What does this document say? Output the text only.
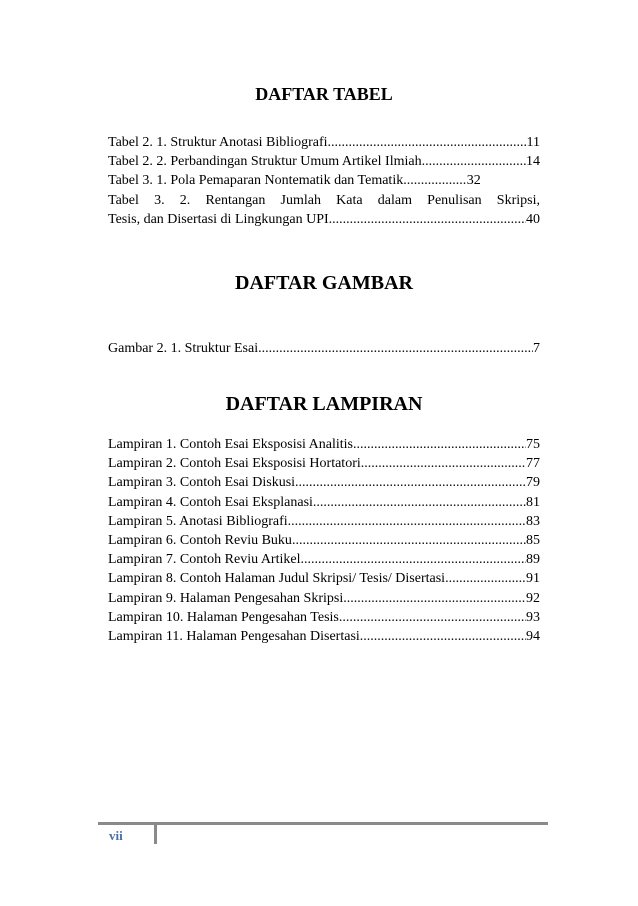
DAFTAR TABEL
Tabel 2. 1. Struktur Anotasi Bibliografi .....	11
Tabel 2. 2. Perbandingan Struktur Umum Artikel Ilmiah .....	14
Tabel 3. 1. Pola Pemaparan Nontematik dan Tematik. .....	32
Tabel 3. 2. Rentangan Jumlah Kata dalam Penulisan Skripsi,
Tesis, dan Disertasi di Lingkungan UPI .....	40
DAFTAR GAMBAR
Gambar 2. 1. Struktur Esai .....	7
DAFTAR LAMPIRAN
Lampiran 1. Contoh Esai Eksposisi Analitis .....	75
Lampiran 2. Contoh Esai Eksposisi Hortatori .....	77
Lampiran 3. Contoh Esai Diskusi .....	79
Lampiran 4. Contoh Esai Eksplanasi .....	81
Lampiran 5. Anotasi Bibliografi .....	83
Lampiran 6. Contoh Reviu Buku .....	85
Lampiran 7. Contoh Reviu Artikel .....	89
Lampiran 8. Contoh Halaman Judul Skripsi/ Tesis/ Disertasi .....	91
Lampiran 9. Halaman Pengesahan Skripsi .....	92
Lampiran 10. Halaman Pengesahan Tesis .....	93
Lampiran 11. Halaman Pengesahan Disertasi .....	94
vii
